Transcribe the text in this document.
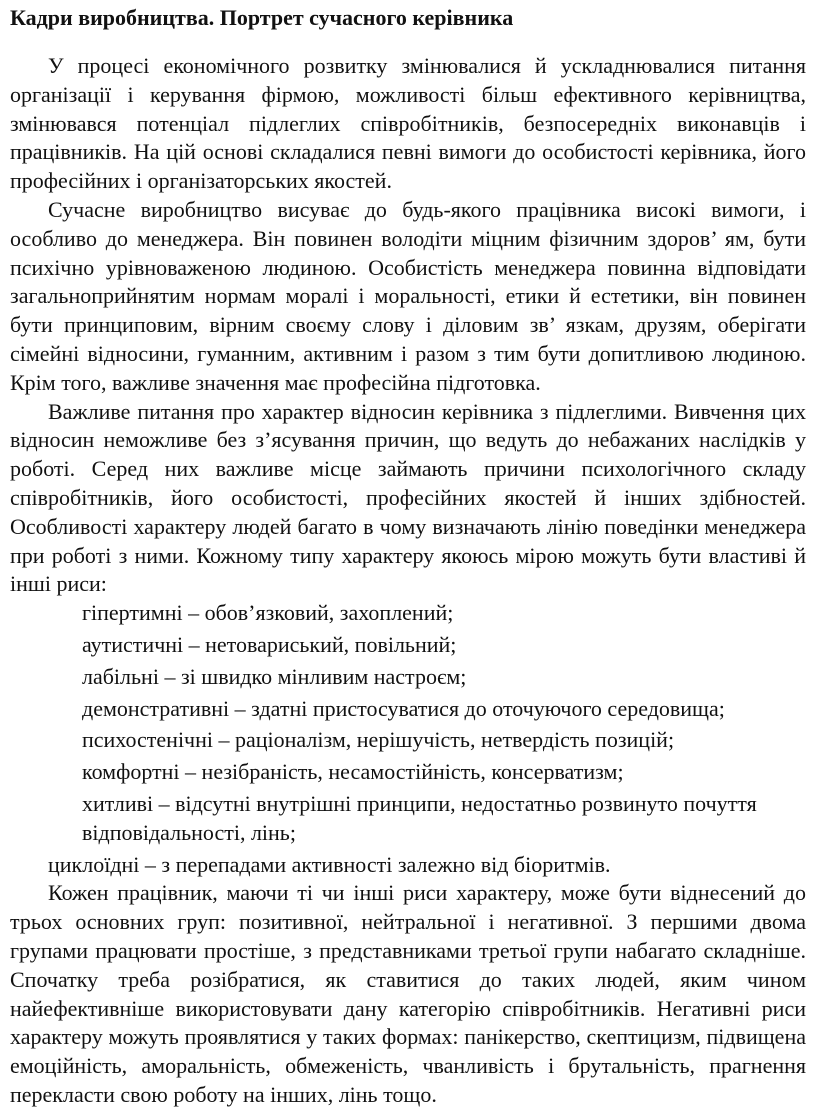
Кадри виробництва. Портрет сучасного керівника

У процесі економічного розвитку змінювалися й ускладнювалися питання організації і керування фірмою, можливості більш ефективного керівництва, змінювався потенціал підлеглих співробітників, безпосередніх виконавців і працівників. На цій основі складалися певні вимоги до особистості керівника, його професійних і організаторських якостей.

Сучасне виробництво висуває до будь-якого працівника високі вимоги, і особливо до менеджера. Він повинен володіти міцним фізичним здоров’ ям, бути психічно урівноваженою людиною. Особистість менеджера повинна відповідати загальноприйнятим нормам моралі і моральності, етики й естетики, він повинен бути принциповим, вірним своєму слову і діловим зв’ язкам, друзям, оберігати сімейні відносини, гуманним, активним і разом з тим бути допитливою людиною. Крім того, важливе значення має професійна підготовка.

Важливе питання про характер відносин керівника з підлеглими. Вивчення цих відносин неможливе без з’ясування причин, що ведуть до небажаних наслідків у роботі. Серед них важливе місце займають причини психологічного складу співробітників, його особистості, професійних якостей й інших здібностей. Особливості характеру людей багато в чому визначають лінію поведінки менеджера при роботі з ними. Кожному типу характеру якоюсь мірою можуть бути властиві й інші риси:

гіпертимні – обов’язковий, захоплений;
аутистичні – нетовариський, повільний;
лабільні – зі швидко мінливим настроєм;
демонстративні – здатні пристосуватися до оточуючого середовища;
психостенічні – раціоналізм, нерішучість, нетвердість позицій;
комфортні – незібраність, несамостійність, консерватизм;
хитливі – відсутні внутрішні принципи, недостатньо розвинуто почуття відповідальності, лінь;

циклоїдні – з перепадами активності залежно від біоритмів.

Кожен працівник, маючи ті чи інші риси характеру, може бути віднесений до трьох основних груп: позитивної, нейтральної і негативної. З першими двома групами працювати простіше, з представниками третьої групи набагато складніше. Спочатку треба розібратися, як ставитися до таких людей, яким чином найефективніше використовувати дану категорію співробітників. Негативні риси характеру можуть проявлятися у таких формах: панікерство, скептицизм, підвищена емоційність, аморальність, обмеженість, чванливість і брутальність, прагнення перекласти свою роботу на інших, лінь тощо.
